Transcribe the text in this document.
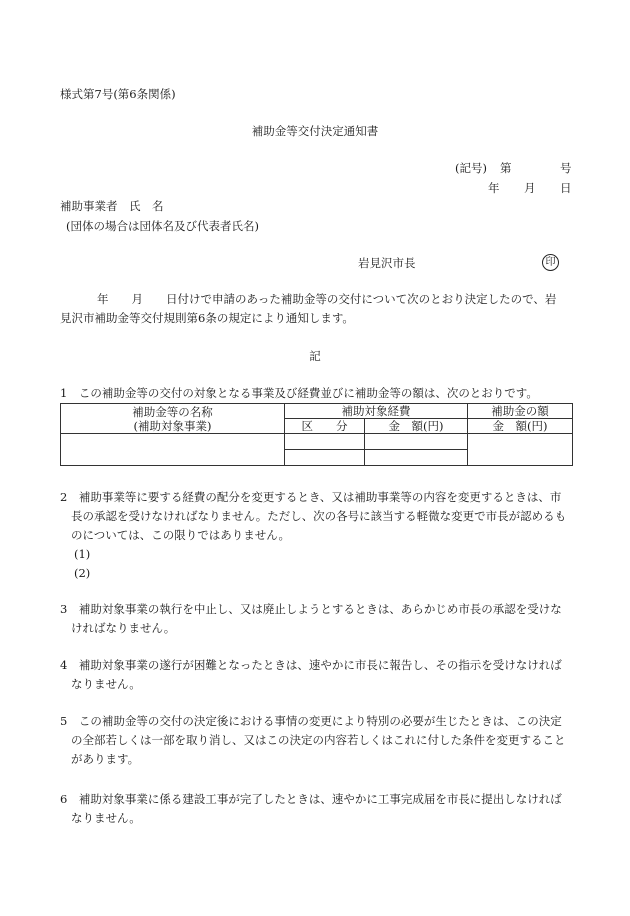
様式第7号(第6条関係)
補助金等交付決定通知書
(記号) 第	号
年 月 日
補助事業者　氏　名
(団体の場合は団体名及び代表者氏名)
岩見沢市長	印
年　　月　　日付けで申請のあった補助金等の交付について次のとおり決定したので、岩
見沢市補助金等交付規則第6条の規定により通知します。
記
1　この補助金等の交付の対象となる事業及び経費並びに補助金等の額は、次のとおりです。
補助金等の名称
(補助対象事業)	補助対象経費		補助金の額
	区　　分	金　額(円)	金　額(円)

2　補助事業等に要する経費の配分を変更するとき、又は補助事業等の内容を変更するときは、市
長の承認を受けなければなりません。ただし、次の各号に該当する軽微な変更で市長が認めるも
のについては、この限りではありません。
(1)
(2)
3　補助対象事業の執行を中止し、又は廃止しようとするときは、あらかじめ市長の承認を受けな
ければなりません。
4　補助対象事業の遂行が困難となったときは、速やかに市長に報告し、その指示を受けなければ
なりません。
5　この補助金等の交付の決定後における事情の変更により特別の必要が生じたときは、この決定
の全部若しくは一部を取り消し、又はこの決定の内容若しくはこれに付した条件を変更すること
があります。
6　補助対象事業に係る建設工事が完了したときは、速やかに工事完成届を市長に提出しなければ
なりません。
